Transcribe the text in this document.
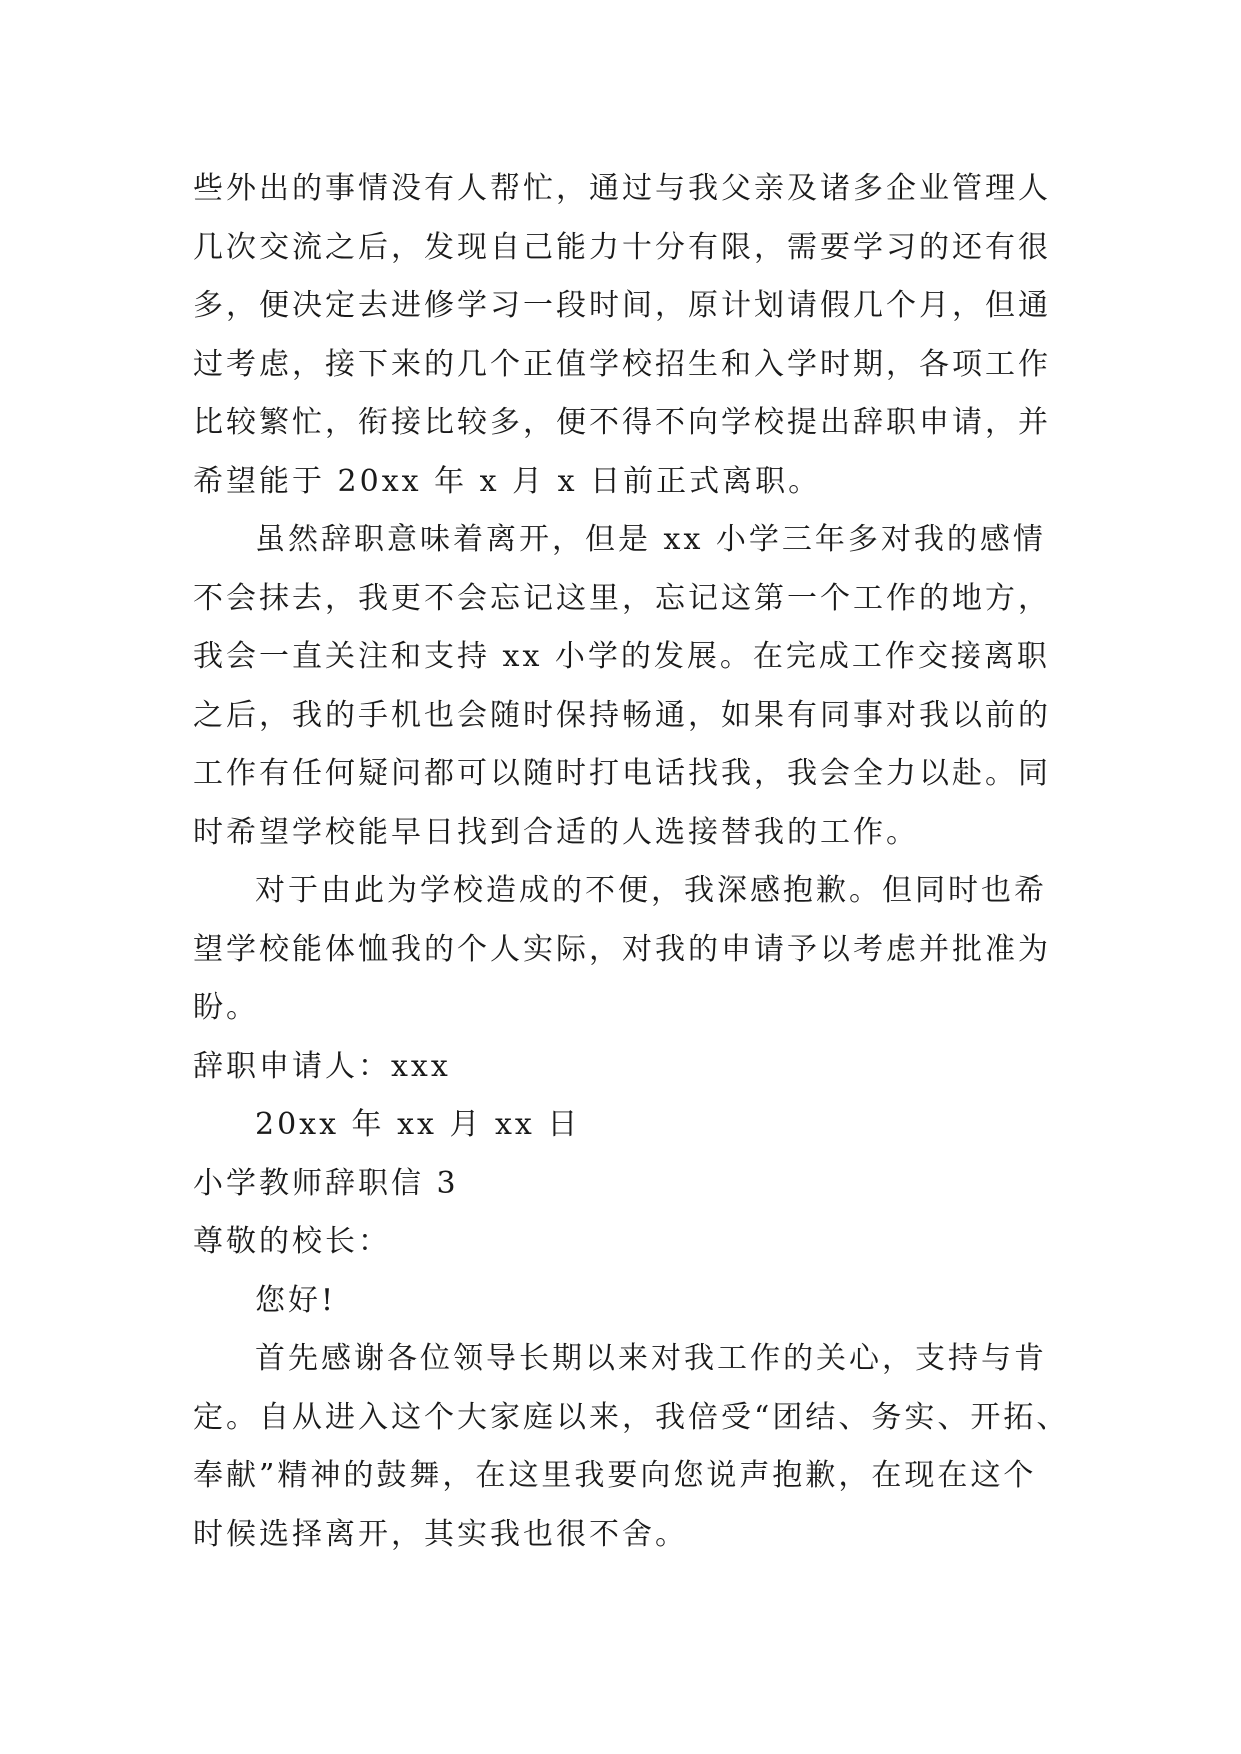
些外出的事情没有人帮忙，通过与我父亲及诸多企业管理人
几次交流之后，发现自己能力十分有限，需要学习的还有很
多，便决定去进修学习一段时间，原计划请假几个月，但通
过考虑，接下来的几个正值学校招生和入学时期，各项工作
比较繁忙，衔接比较多，便不得不向学校提出辞职申请，并
希望能于 20xx 年 x 月 x 日前正式离职。
虽然辞职意味着离开，但是 xx 小学三年多对我的感情
不会抹去，我更不会忘记这里，忘记这第一个工作的地方，
我会一直关注和支持 xx 小学的发展。在完成工作交接离职
之后，我的手机也会随时保持畅通，如果有同事对我以前的
工作有任何疑问都可以随时打电话找我，我会全力以赴。同
时希望学校能早日找到合适的人选接替我的工作。
对于由此为学校造成的不便，我深感抱歉。但同时也希
望学校能体恤我的个人实际，对我的申请予以考虑并批准为
盼。
辞职申请人：xxx
20xx 年 xx 月 xx 日
小学教师辞职信 3
尊敬的校长：
您好!
首先感谢各位领导长期以来对我工作的关心，支持与肯
定。自从进入这个大家庭以来，我倍受“团结、务实、开拓、
奉献”精神的鼓舞，在这里我要向您说声抱歉，在现在这个
时候选择离开，其实我也很不舍。
